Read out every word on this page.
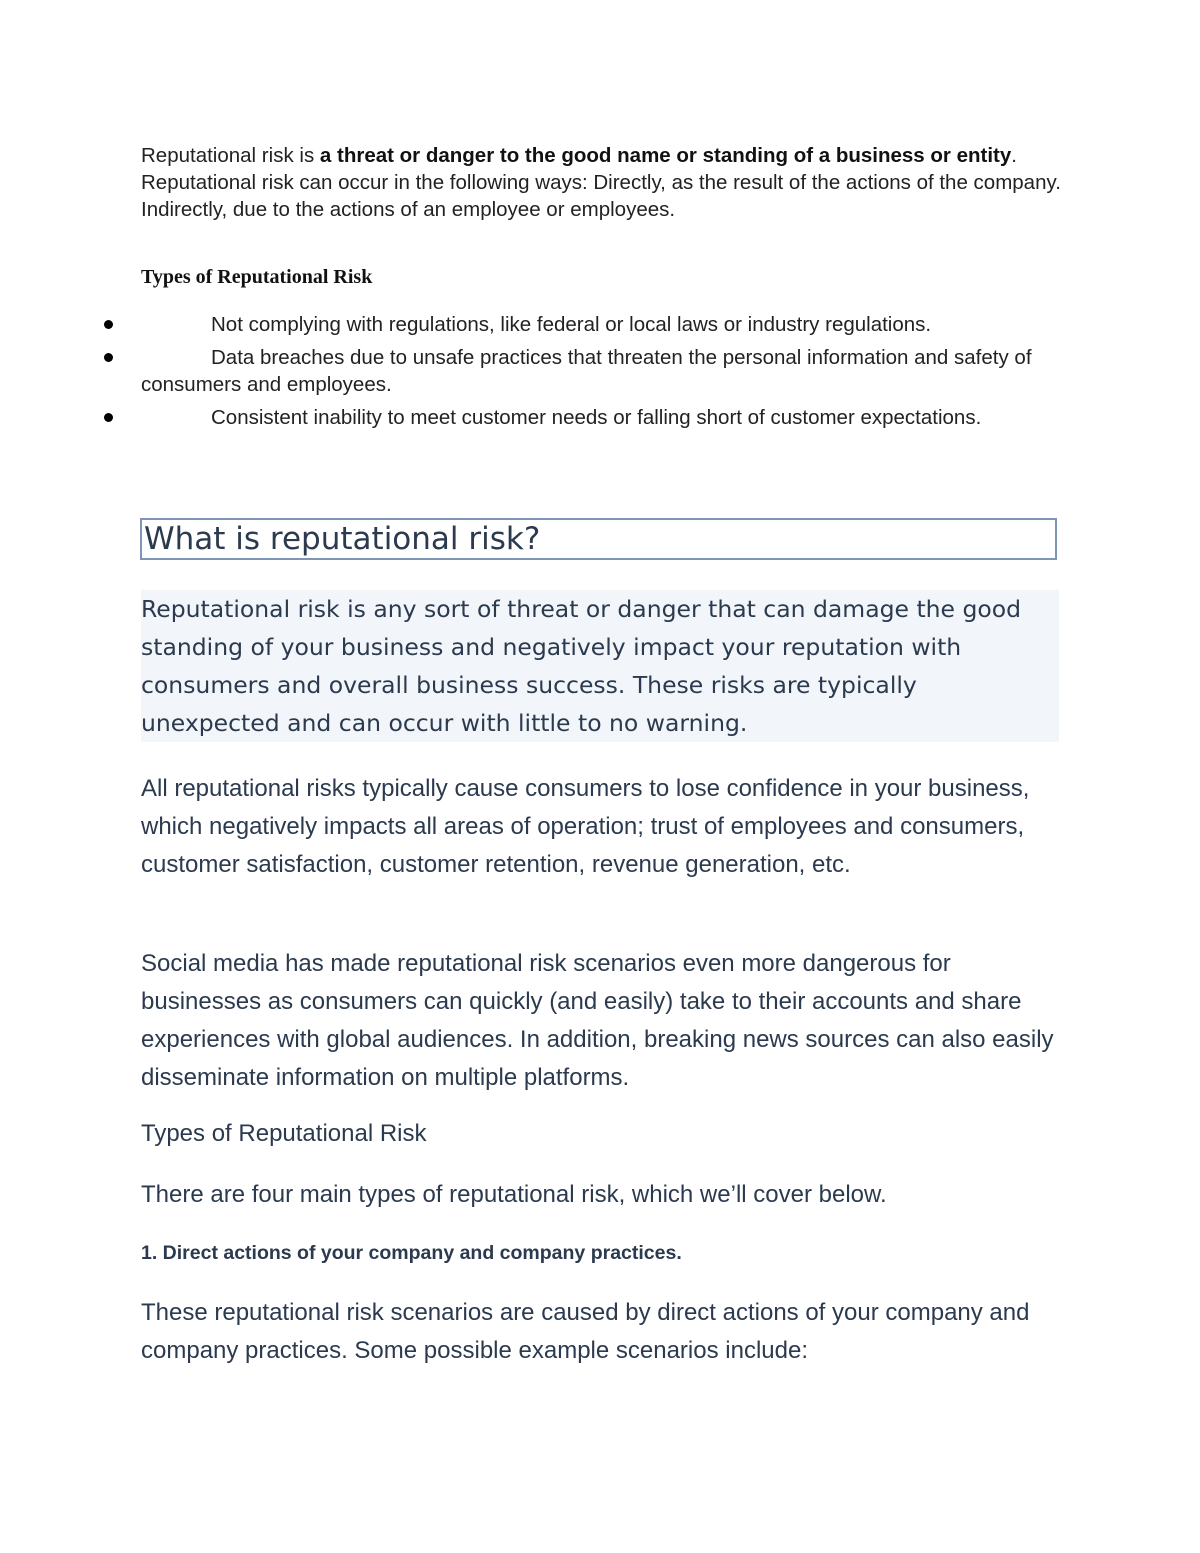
Reputational risk is a threat or danger to the good name or standing of a business or entity. Reputational risk can occur in the following ways: Directly, as the result of the actions of the company. Indirectly, due to the actions of an employee or employees.
Types of Reputational Risk
Not complying with regulations, like federal or local laws or industry regulations.
Data breaches due to unsafe practices that threaten the personal information and safety of consumers and employees.
Consistent inability to meet customer needs or falling short of customer expectations.
What is reputational risk?
Reputational risk is any sort of threat or danger that can damage the good standing of your business and negatively impact your reputation with consumers and overall business success. These risks are typically unexpected and can occur with little to no warning.
All reputational risks typically cause consumers to lose confidence in your business, which negatively impacts all areas of operation; trust of employees and consumers, customer satisfaction, customer retention, revenue generation, etc.
Social media has made reputational risk scenarios even more dangerous for businesses as consumers can quickly (and easily) take to their accounts and share experiences with global audiences. In addition, breaking news sources can also easily disseminate information on multiple platforms.
Types of Reputational Risk
There are four main types of reputational risk, which we’ll cover below.
1. Direct actions of your company and company practices.
These reputational risk scenarios are caused by direct actions of your company and company practices. Some possible example scenarios include:
